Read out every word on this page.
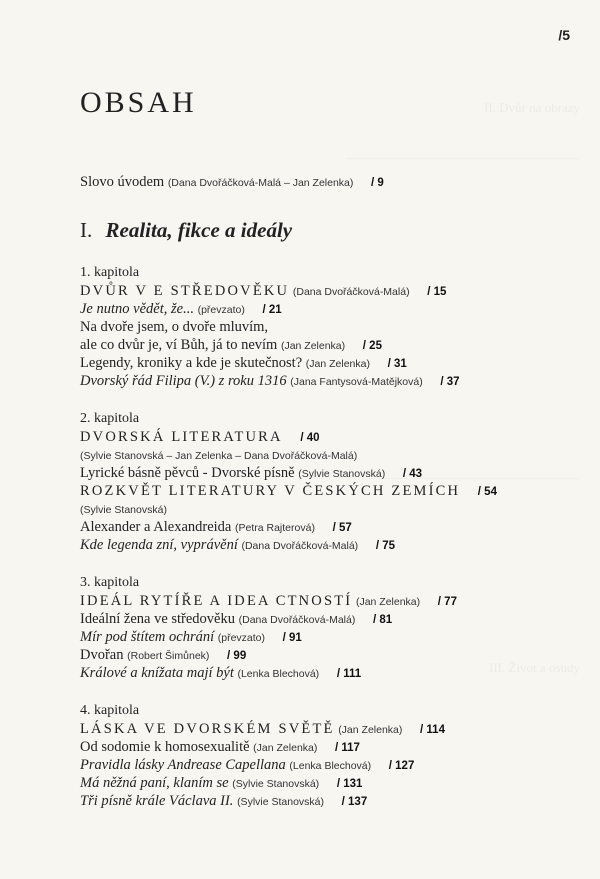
/5
OBSAH
Slovo úvodem (Dana Dvořáčková-Malá – Jan Zelenka) / 9
I. Realita, fikce a ideály
1. kapitola
DVŮR V E STŘEDOVĚKU (Dana Dvořáčková-Malá) / 15
Je nutno vědět, že... (převzato) / 21
Na dvoře jsem, o dvoře mluvím,
ale co dvůr je, ví Bůh, já to nevím (Jan Zelenka) / 25
Legendy, kroniky a kde je skutečnost? (Jan Zelenka) / 31
Dvorský řád Filipa (V.) z roku 1316 (Jana Fantysová-Matějková) / 37
2. kapitola
DVORSKÁ LITERATURA / 40
(Sylvie Stanovská – Jan Zelenka – Dana Dvořáčková-Malá)
Lyrické básně pěvců - Dvorské písně (Sylvie Stanovská) / 43
ROZKVĚT LITERATURY V ČESKÝCH ZEMÍCH / 54
(Sylvie Stanovská)
Alexander a Alexandreida (Petra Rajterová) / 57
Kde legenda zní, vyprávění (Dana Dvořáčková-Malá) / 75
3. kapitola
IDEÁL RYTÍŘE A IDEA CTNOSTÍ (Jan Zelenka) / 77
Ideální žena ve středověku (Dana Dvořáčková-Malá) / 81
Mír pod štítem ochrání (převzato) / 91
Dvořan (Robert Šimůnek) / 99
Králové a knížata mají být (Lenka Blechová) / 111
4. kapitola
LÁSKA VE DVORSKÉM SVĚTĚ (Jan Zelenka) / 114
Od sodomie k homosexualitě (Jan Zelenka) / 117
Pravidla lásky Andrease Capellana (Lenka Blechová) / 127
Má něžná paní, klaním se (Sylvie Stanovská) / 131
Tři písně krále Václava II. (Sylvie Stanovská) / 137
